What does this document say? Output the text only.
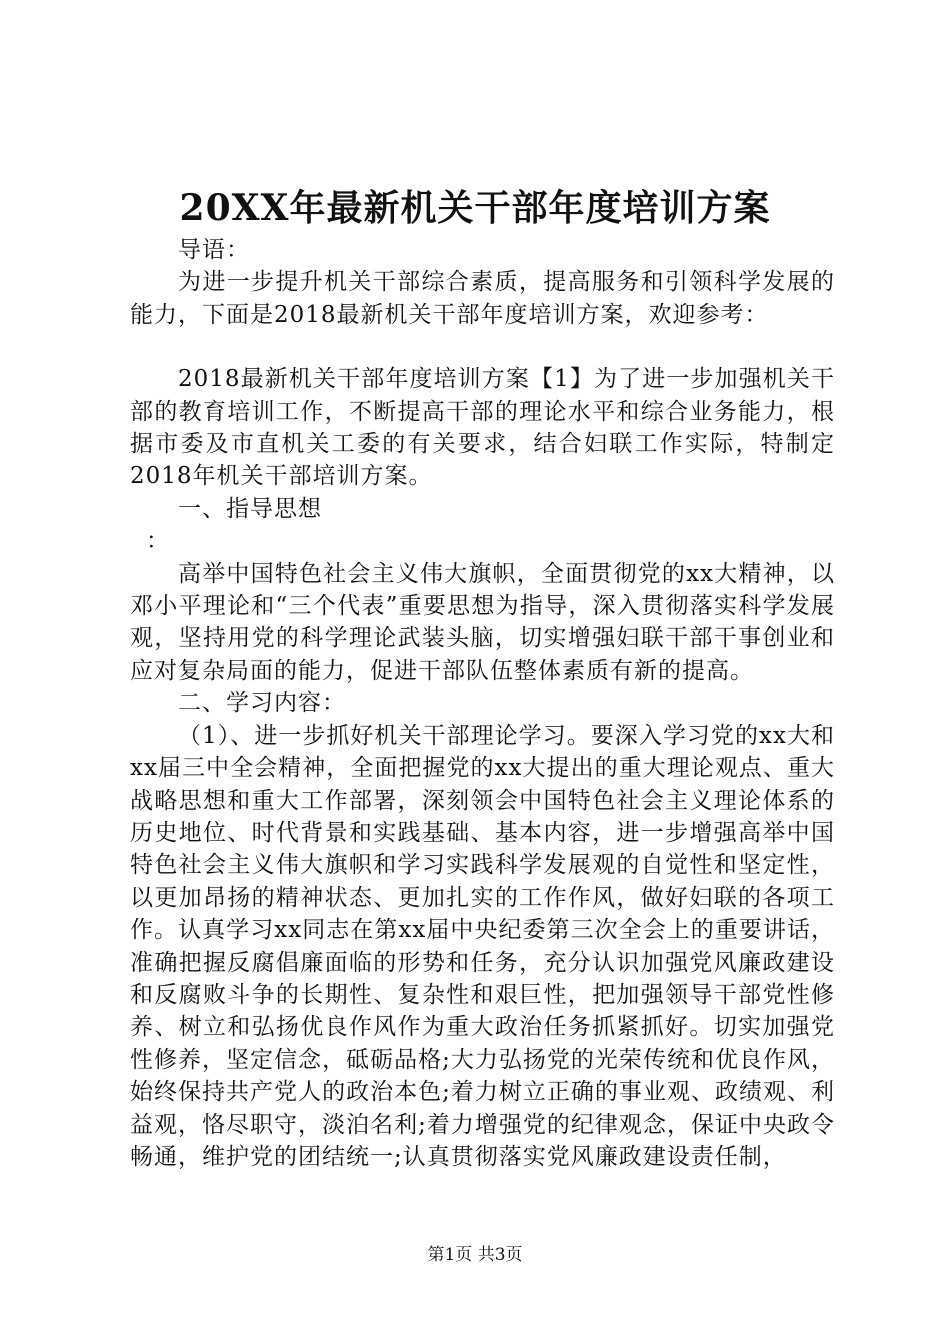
20XX年最新机关干部年度培训方案

导语：

为进一步提升机关干部综合素质，提高服务和引领科学发展的能力，下面是2018最新机关干部年度培训方案，欢迎参考：

2018最新机关干部年度培训方案【1】为了进一步加强机关干部的教育培训工作，不断提高干部的理论水平和综合业务能力，根据市委及市直机关工委的有关要求，结合妇联工作实际，特制定2018年机关干部培训方案。

一、指导思想

：

高举中国特色社会主义伟大旗帜，全面贯彻党的xx大精神，以邓小平理论和“三个代表”重要思想为指导，深入贯彻落实科学发展观，坚持用党的科学理论武装头脑，切实增强妇联干部干事创业和应对复杂局面的能力，促进干部队伍整体素质有新的提高。

二、学习内容：

（1）、进一步抓好机关干部理论学习。要深入学习党的xx大和xx届三中全会精神，全面把握党的xx大提出的重大理论观点、重大战略思想和重大工作部署，深刻领会中国特色社会主义理论体系的历史地位、时代背景和实践基础、基本内容，进一步增强高举中国特色社会主义伟大旗帜和学习实践科学发展观的自觉性和坚定性，以更加昂扬的精神状态、更加扎实的工作作风，做好妇联的各项工作。认真学习xx同志在第xx届中央纪委第三次全会上的重要讲话，准确把握反腐倡廉面临的形势和任务，充分认识加强党风廉政建设和反腐败斗争的长期性、复杂性和艰巨性，把加强领导干部党性修养、树立和弘扬优良作风作为重大政治任务抓紧抓好。切实加强党性修养，坚定信念，砥砺品格;大力弘扬党的光荣传统和优良作风，始终保持共产党人的政治本色;着力树立正确的事业观、政绩观、利益观，恪尽职守，淡泊名利;着力增强党的纪律观念，保证中央政令畅通，维护党的团结统一;认真贯彻落实党风廉政建设责任制，

第1页 共3页
